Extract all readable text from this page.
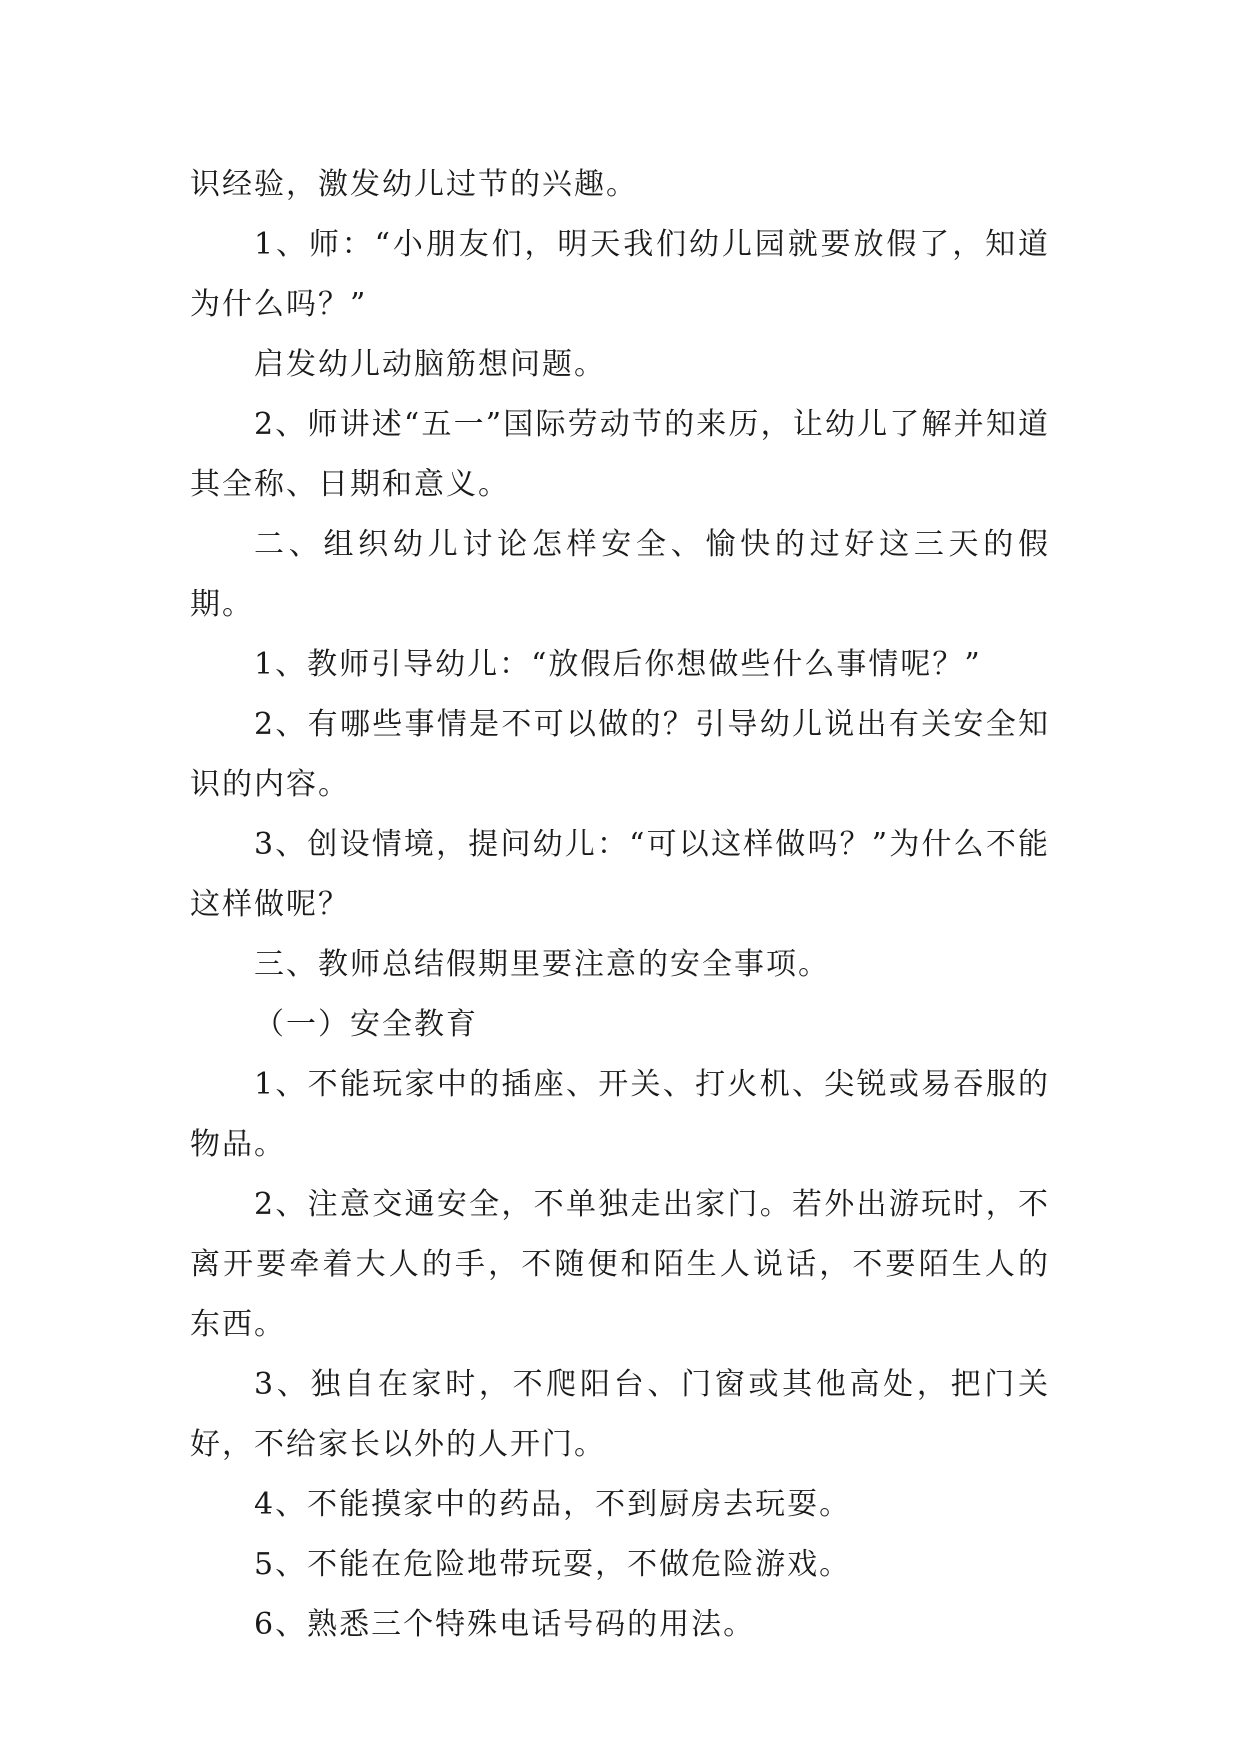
识经验，激发幼儿过节的兴趣。

1、师：“小朋友们，明天我们幼儿园就要放假了，知道为什么吗？”

启发幼儿动脑筋想问题。

2、师讲述“五一”国际劳动节的来历，让幼儿了解并知道其全称、日期和意义。

二、组织幼儿讨论怎样安全、愉快的过好这三天的假期。

1、教师引导幼儿：“放假后你想做些什么事情呢？”

2、有哪些事情是不可以做的？引导幼儿说出有关安全知识的内容。

3、创设情境，提问幼儿：“可以这样做吗？”为什么不能这样做呢？

三、教师总结假期里要注意的安全事项。

（一）安全教育

1、不能玩家中的插座、开关、打火机、尖锐或易吞服的物品。

2、注意交通安全，不单独走出家门。若外出游玩时，不离开要牵着大人的手，不随便和陌生人说话，不要陌生人的东西。

3、独自在家时，不爬阳台、门窗或其他高处，把门关好，不给家长以外的人开门。

4、不能摸家中的药品，不到厨房去玩耍。

5、不能在危险地带玩耍，不做危险游戏。

6、熟悉三个特殊电话号码的用法。
